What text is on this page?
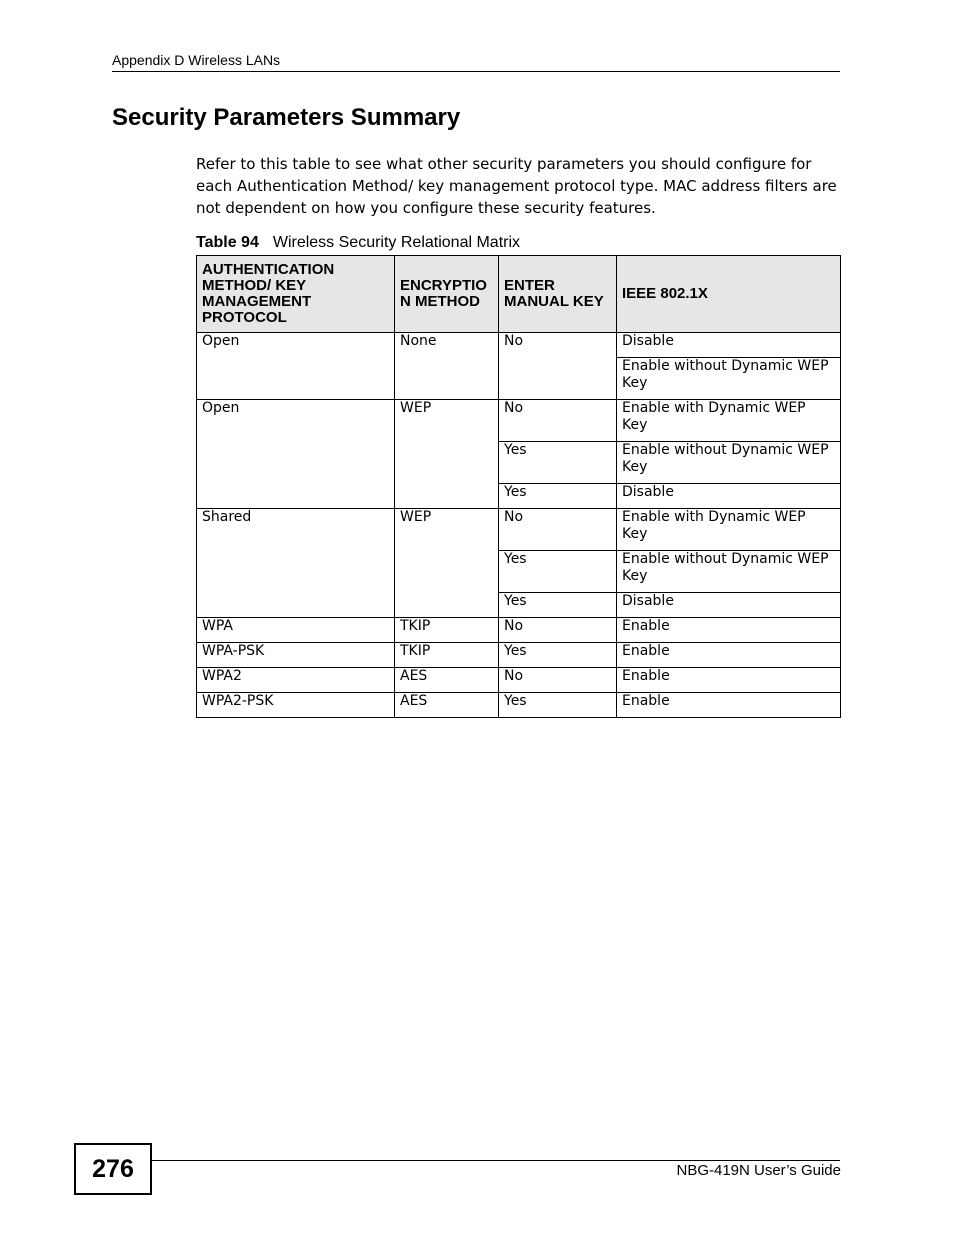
Appendix D Wireless LANs
Security Parameters Summary

Refer to this table to see what other security parameters you should configure for each Authentication Method/ key management protocol type. MAC address filters are not dependent on how you configure these security features.

Table 94 Wireless Security Relational Matrix
AUTHENTICATION METHOD/ KEY MANAGEMENT PROTOCOL	ENCRYPTIO N METHOD	ENTER MANUAL KEY	IEEE 802.1X
Open	None	No	Disable
			Enable without Dynamic WEP Key
Open	WEP	No	Enable with Dynamic WEP Key
		Yes	Enable without Dynamic WEP Key
		Yes	Disable
Shared	WEP	No	Enable with Dynamic WEP Key
		Yes	Enable without Dynamic WEP Key
		Yes	Disable
WPA	TKIP	No	Enable
WPA-PSK	TKIP	Yes	Enable
WPA2	AES	No	Enable
WPA2-PSK	AES	Yes	Enable
276	NBG-419N User’s Guide
